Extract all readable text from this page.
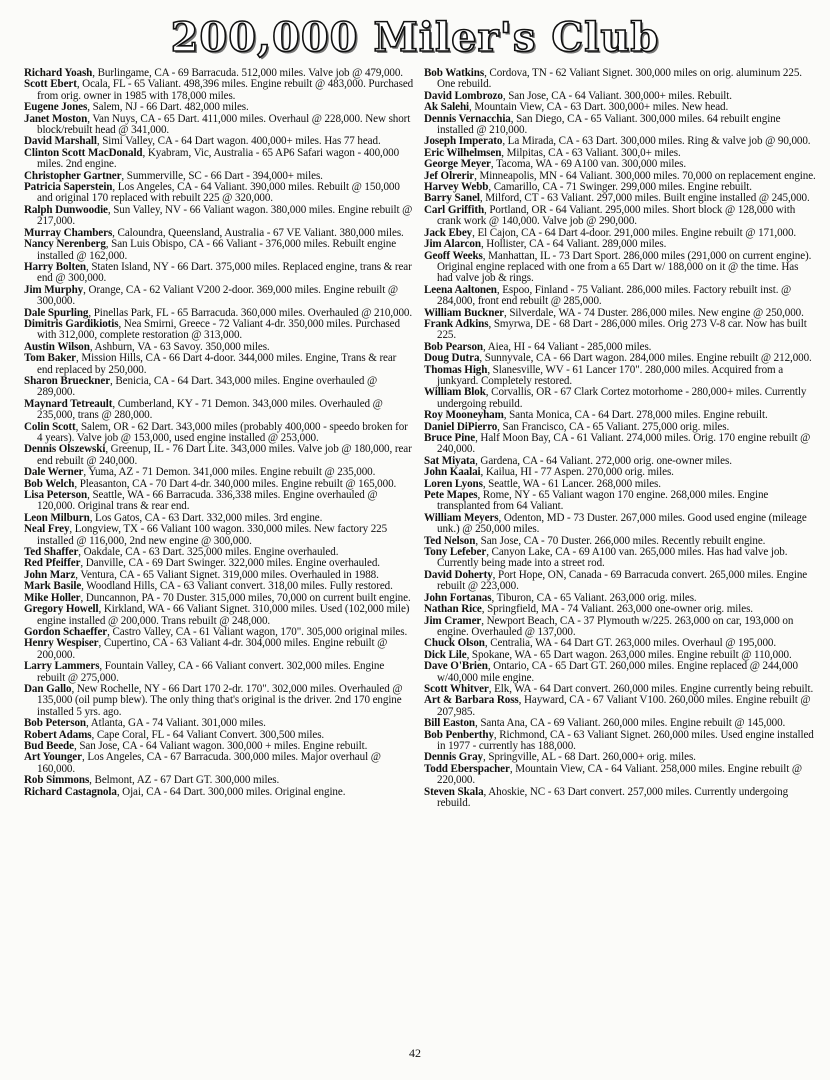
200,000 Miler's Club
Richard Yoash, Burlingame, CA - 69 Barracuda. 512,000 miles. Valve job @ 479,000.
Scott Ebert, Ocala, FL - 65 Valiant. 498,396 miles. Engine rebuilt @ 483,000. Purchased from orig. owner in 1985 with 178,000 miles.
Eugene Jones, Salem, NJ - 66 Dart. 482,000 miles.
Janet Moston, Van Nuys, CA - 65 Dart. 411,000 miles. Overhaul @ 228,000. New short block/rebuilt head @ 341,000.
David Marshall, Simi Valley, CA - 64 Dart wagon. 400,000+ miles. Has 77 head.
Clinton Scott MacDonald, Kyabram, Vic, Australia - 65 AP6 Safari wagon - 400,000 miles. 2nd engine.
Christopher Gartner, Summerville, SC - 66 Dart - 394,000+ miles.
Patricia Saperstein, Los Angeles, CA - 64 Valiant. 390,000 miles. Rebuilt @ 150,000 and original 170 replaced with rebuilt 225 @ 320,000.
Ralph Dunwoodie, Sun Valley, NV - 66 Valiant wagon. 380,000 miles. Engine rebuilt @ 217,000.
Murray Chambers, Caloundra, Queensland, Australia - 67 VE Valiant. 380,000 miles.
Nancy Nerenberg, San Luis Obispo, CA - 66 Valiant - 376,000 miles. Rebuilt engine installed @ 162,000.
Harry Bolten, Staten Island, NY - 66 Dart. 375,000 miles. Replaced engine, trans & rear end @ 300,000.
Jim Murphy, Orange, CA - 62 Valiant V200 2-door. 369,000 miles. Engine rebuilt @ 300,000.
Dale Spurling, Pinellas Park, FL - 65 Barracuda. 360,000 miles. Overhauled @ 210,000.
Dimitris Gardikiotis, Nea Smirni, Greece - 72 Valiant 4-dr. 350,000 miles. Purchased with 312,000, complete restoration @ 313,000.
Austin Wilson, Ashburn, VA - 63 Savoy. 350,000 miles.
Tom Baker, Mission Hills, CA - 66 Dart 4-door. 344,000 miles. Engine, Trans & rear end replaced by 250,000.
Sharon Brueckner, Benicia, CA - 64 Dart. 343,000 miles. Engine overhauled @ 289,000.
Maynard Tetreault, Cumberland, KY - 71 Demon. 343,000 miles. Overhauled @ 235,000, trans @ 280,000.
Colin Scott, Salem, OR - 62 Dart. 343,000 miles (probably 400,000 - speedo broken for 4 years). Valve job @ 153,000, used engine installed @ 253,000.
Dennis Olszewski, Greenup, IL - 76 Dart Lite. 343,000 miles. Valve job @ 180,000, rear end rebuilt @ 240,000.
Dale Werner, Yuma, AZ - 71 Demon. 341,000 miles. Engine rebuilt @ 235,000.
Bob Welch, Pleasanton, CA - 70 Dart 4-dr. 340,000 miles. Engine rebuilt @ 165,000.
Lisa Peterson, Seattle, WA - 66 Barracuda. 336,338 miles. Engine overhauled @ 120,000. Original trans & rear end.
Leon Milburn, Los Gatos, CA - 63 Dart. 332,000 miles. 3rd engine.
Neal Frey, Longview, TX - 66 Valiant 100 wagon. 330,000 miles. New factory 225 installed @ 116,000, 2nd new engine @ 300,000.
Ted Shaffer, Oakdale, CA - 63 Dart. 325,000 miles. Engine overhauled.
Red Pfeiffer, Danville, CA - 69 Dart Swinger. 322,000 miles. Engine overhauled.
John Marz, Ventura, CA - 65 Valiant Signet. 319,000 miles. Overhauled in 1988.
Mark Basile, Woodland Hills, CA - 63 Valiant convert. 318,00 miles. Fully restored.
Mike Holler, Duncannon, PA - 70 Duster. 315,000 miles, 70,000 on current built engine.
Gregory Howell, Kirkland, WA - 66 Valiant Signet. 310,000 miles. Used (102,000 mile) engine installed @ 200,000. Trans rebuilt @ 248,000.
Gordon Schaeffer, Castro Valley, CA - 61 Valiant wagon, 170". 305,000 original miles.
Henry Wespiser, Cupertino, CA - 63 Valiant 4-dr. 304,000 miles. Engine rebuilt @ 200,000.
Larry Lammers, Fountain Valley, CA - 66 Valiant convert. 302,000 miles. Engine rebuilt @ 275,000.
Dan Gallo, New Rochelle, NY - 66 Dart 170 2-dr. 170". 302,000 miles. Overhauled @ 135,000 (oil pump blew). The only thing that's original is the driver. 2nd 170 engine installed 5 yrs. ago.
Bob Peterson, Atlanta, GA - 74 Valiant. 301,000 miles.
Robert Adams, Cape Coral, FL - 64 Valiant Convert. 300,500 miles.
Bud Beede, San Jose, CA - 64 Valiant wagon. 300,000 + miles. Engine rebuilt.
Art Younger, Los Angeles, CA - 67 Barracuda. 300,000 miles. Major overhaul @ 160,000.
Rob Simmons, Belmont, AZ - 67 Dart GT. 300,000 miles.
Richard Castagnola, Ojai, CA - 64 Dart. 300,000 miles. Original engine.
Bob Watkins, Cordova, TN - 62 Valiant Signet. 300,000 miles on orig. aluminum 225. One rebuild.
David Lombrozo, San Jose, CA - 64 Valiant. 300,000+ miles. Rebuilt.
Ak Salehi, Mountain View, CA - 63 Dart. 300,000+ miles. New head.
Dennis Vernacchia, San Diego, CA - 65 Valiant. 300,000 miles. 64 rebuilt engine installed @ 210,000.
Joseph Imperato, La Mirada, CA - 63 Dart. 300,000 miles. Ring & valve job @ 90,000.
Eric Wilhelmsen, Milpitas, CA - 63 Valiant. 300,0+ miles.
George Meyer, Tacoma, WA - 69 A100 van. 300,000 miles.
Jef Olrerir, Minneapolis, MN - 64 Valiant. 300,000 miles. 70,000 on replacement engine.
Harvey Webb, Camarillo, CA - 71 Swinger. 299,000 miles. Engine rebuilt.
Barry Sanel, Milford, CT - 63 Valiant. 297,000 miles. Built engine installed @ 245,000.
Carl Griffith, Portland, OR - 64 Valiant. 295,000 miles. Short block @ 128,000 with crank work @ 140,000. Valve job @ 290,000.
Jack Ebey, El Cajon, CA - 64 Dart 4-door. 291,000 miles. Engine rebuilt @ 171,000.
Jim Alarcon, Hollister, CA - 64 Valiant. 289,000 miles.
Geoff Weeks, Manhattan, IL - 73 Dart Sport. 286,000 miles (291,000 on current engine). Original engine replaced with one from a 65 Dart w/ 188,000 on it @ the time. Has had valve job & rings.
Leena Aaltonen, Espoo, Finland - 75 Valiant. 286,000 miles. Factory rebuilt inst. @ 284,000, front end rebuilt @ 285,000.
William Buckner, Silverdale, WA - 74 Duster. 286,000 miles. New engine @ 250,000.
Frank Adkins, Smyrwa, DE - 68 Dart - 286,000 miles. Orig 273 V-8 car. Now has built 225.
Bob Pearson, Aiea, HI - 64 Valiant - 285,000 miles.
Doug Dutra, Sunnyvale, CA - 66 Dart wagon. 284,000 miles. Engine rebuilt @ 212,000.
Thomas High, Slanesville, WV - 61 Lancer 170". 280,000 miles. Acquired from a junkyard. Completely restored.
William Blok, Corvallis, OR - 67 Clark Cortez motorhome - 280,000+ miles. Currently undergoing rebuild.
Roy Mooneyham, Santa Monica, CA - 64 Dart. 278,000 miles. Engine rebuilt.
Daniel DiPierro, San Francisco, CA - 65 Valiant. 275,000 orig. miles.
Bruce Pine, Half Moon Bay, CA - 61 Valiant. 274,000 miles. Orig. 170 engine rebuilt @ 240,000.
Sat Miyata, Gardena, CA - 64 Valiant. 272,000 orig. one-owner miles.
John Kaalai, Kailua, HI - 77 Aspen. 270,000 orig. miles.
Loren Lyons, Seattle, WA - 61 Lancer. 268,000 miles.
Pete Mapes, Rome, NY - 65 Valiant wagon 170 engine. 268,000 miles. Engine transplanted from 64 Valiant.
William Meyers, Odenton, MD - 73 Duster. 267,000 miles. Good used engine (mileage unk.) @ 250,000 miles.
Ted Nelson, San Jose, CA - 70 Duster. 266,000 miles. Recently rebuilt engine.
Tony Lefeber, Canyon Lake, CA - 69 A100 van. 265,000 miles. Has had valve job. Currently being made into a street rod.
David Doherty, Port Hope, ON, Canada - 69 Barracuda convert. 265,000 miles. Engine rebuilt @ 223,000.
John Fortanas, Tiburon, CA - 65 Valiant. 263,000 orig. miles.
Nathan Rice, Springfield, MA - 74 Valiant. 263,000 one-owner orig. miles.
Jim Cramer, Newport Beach, CA - 37 Plymouth w/225. 263,000 on car, 193,000 on engine. Overhauled @ 137,000.
Chuck Olson, Centralia, WA - 64 Dart GT. 263,000 miles. Overhaul @ 195,000.
Dick Lile, Spokane, WA - 65 Dart wagon. 263,000 miles. Engine rebuilt @ 110,000.
Dave O'Brien, Ontario, CA - 65 Dart GT. 260,000 miles. Engine replaced @ 244,000 w/40,000 mile engine.
Scott Whitver, Elk, WA - 64 Dart convert. 260,000 miles. Engine currently being rebuilt.
Art & Barbara Ross, Hayward, CA - 67 Valiant V100. 260,000 miles. Engine rebuilt @ 207,985.
Bill Easton, Santa Ana, CA - 69 Valiant. 260,000 miles. Engine rebuilt @ 145,000.
Bob Penberthy, Richmond, CA - 63 Valiant Signet. 260,000 miles. Used engine installed in 1977 - currently has 188,000.
Dennis Gray, Springville, AL - 68 Dart. 260,000+ orig. miles.
Todd Eberspacher, Mountain View, CA - 64 Valiant. 258,000 miles. Engine rebuilt @ 220,000.
Steven Skala, Ahoskie, NC - 63 Dart convert. 257,000 miles. Currently undergoing rebuild.
42
